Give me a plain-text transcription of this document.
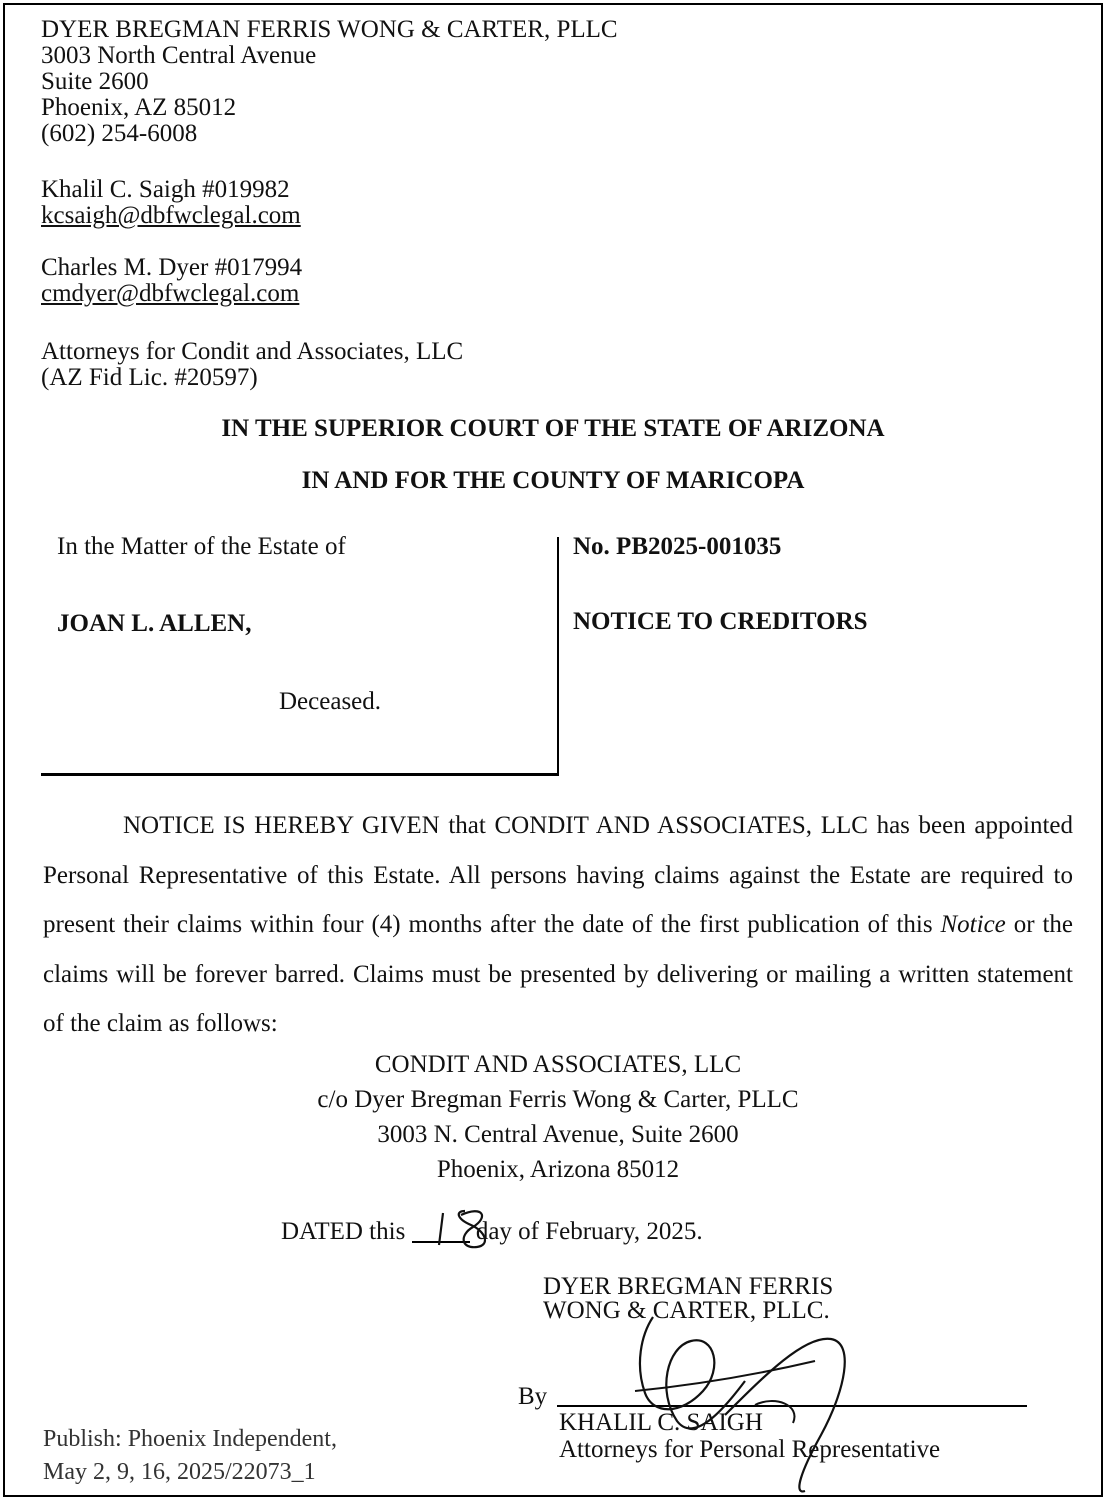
DYER BREGMAN FERRIS WONG & CARTER, PLLC
3003 North Central Avenue
Suite 2600
Phoenix, AZ 85012
(602) 254-6008
Khalil C. Saigh #019982
kcsaigh@dbfwclegal.com
Charles M. Dyer #017994
cmdyer@dbfwclegal.com
Attorneys for Condit and Associates, LLC
(AZ Fid Lic. #20597)
IN THE SUPERIOR COURT OF THE STATE OF ARIZONA
IN AND FOR THE COUNTY OF MARICOPA
In the Matter of the Estate of
JOAN L. ALLEN,
Deceased.
No. PB2025-001035
NOTICE TO CREDITORS
NOTICE IS HEREBY GIVEN that CONDIT AND ASSOCIATES, LLC has been appointed Personal Representative of this Estate. All persons having claims against the Estate are required to present their claims within four (4) months after the date of the first publication of this Notice or the claims will be forever barred. Claims must be presented by delivering or mailing a written statement of the claim as follows:
CONDIT AND ASSOCIATES, LLC
c/o Dyer Bregman Ferris Wong & Carter, PLLC
3003 N. Central Avenue, Suite 2600
Phoenix, Arizona 85012
DATED this	day of February, 2025.
DYER BREGMAN FERRIS
WONG & CARTER, PLLC.
By
KHALIL C. SAIGH
Attorneys for Personal Representative
Publish: Phoenix Independent,
May 2, 9, 16, 2025/22073_1
